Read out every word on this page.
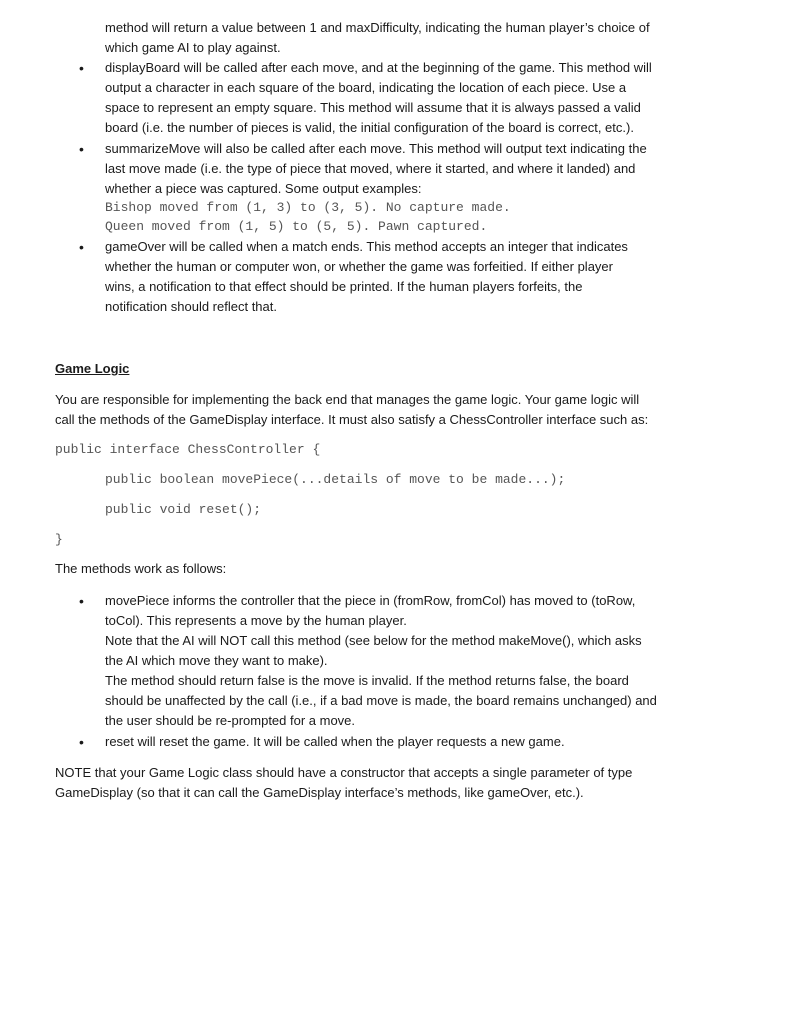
method will return a value between 1 and maxDifficulty, indicating the human player’s choice of
which game AI to play against.
• displayBoard will be called after each move, and at the beginning of the game. This method will
output a character in each square of the board, indicating the location of each piece. Use a
space to represent an empty square. This method will assume that it is always passed a valid
board (i.e. the number of pieces is valid, the initial configuration of the board is correct, etc.).
• summarizeMove will also be called after each move. This method will output text indicating the
last move made (i.e. the type of piece that moved, where it started, and where it landed) and
whether a piece was captured. Some output examples:
Bishop moved from (1, 3) to (3, 5). No capture made.
Queen moved from (1, 5) to (5, 5). Pawn captured.
• gameOver will be called when a match ends. This method accepts an integer that indicates
whether the human or computer won, or whether the game was forfeitied. If either player
wins, a notification to that effect should be printed. If the human players forfeits, the
notification should reflect that.
Game Logic
You are responsible for implementing the back end that manages the game logic. Your game logic will
call the methods of the GameDisplay interface. It must also satisfy a ChessController interface such as:
public interface ChessController {
public boolean movePiece(...details of move to be made...);
public void reset();
}
The methods work as follows:
• movePiece informs the controller that the piece in (fromRow, fromCol) has moved to (toRow,
toCol). This represents a move by the human player.
Note that the AI will NOT call this method (see below for the method makeMove(), which asks
the AI which move they want to make).
The method should return false is the move is invalid. If the method returns false, the board
should be unaffected by the call (i.e., if a bad move is made, the board remains unchanged) and
the user should be re-prompted for a move.
• reset will reset the game. It will be called when the player requests a new game.
NOTE that your Game Logic class should have a constructor that accepts a single parameter of type
GameDisplay (so that it can call the GameDisplay interface’s methods, like gameOver, etc.).
